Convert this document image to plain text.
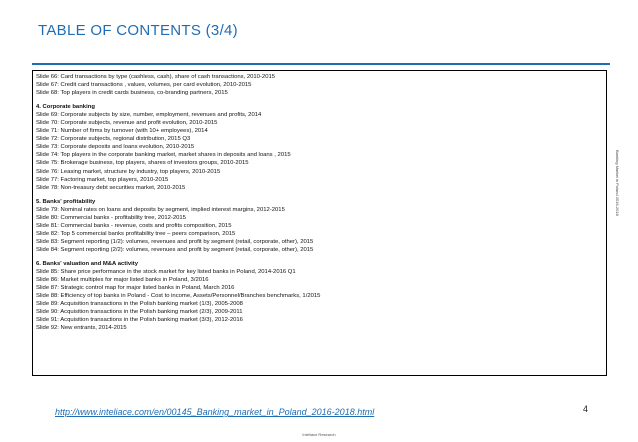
TABLE OF CONTENTS (3/4)
Slide 66: Card transactions by type (cashless, cash), share of cash transactions, 2010-2015
Slide 67: Credit card transactions , values, volumes, per card evolution, 2010-2015
Slide 68: Top players in credit cards business, co-branding partners, 2015
4. Corporate banking
Slide 69: Corporate subjects by size, number, employment, revenues and profits, 2014
Slide 70: Corporate subjects, revenue and profit evolution, 2010-2015
Slide 71: Number of firms by turnover (with 10+ employees), 2014
Slide 72: Corporate subjects, regional distribution, 2015 Q3
Slide 73: Corporate deposits and loans evolution, 2010-2015
Slide 74: Top players in the corporate banking market, market shares in deposits and loans , 2015
Slide 75: Brokerage business, top players, shares of investors groups, 2010-2015
Slide 76: Leasing market, structure by industry, top players, 2010-2015
Slide 77: Factoring market, top players, 2010-2015
Slide 78: Non-treasury debt securities market, 2010-2015
5. Banks' profitability
Slide 79: Nominal rates on loans and deposits by segment, implied interest margins, 2012-2015
Slide 80: Commercial banks - profitability tree, 2012-2015
Slide 81: Commercial banks - revenue, costs and profits composition, 2015
Slide 82: Top 5 commercial banks profitability tree – peers comparison, 2015
Slide 83: Segment reporting (1/2): volumes, revenues and profit by segment (retail, corporate, other), 2015
Slide 84: Segment reporting (2/2): volumes, revenues and profit by segment (retail, corporate, other), 2015
6. Banks' valuation and M&A activity
Slide 85: Share price performance in the stock market for key listed banks in Poland, 2014-2016 Q1
Slide 86: Market multiples for major listed banks in Poland, 3/2016
Slide 87: Strategic control map for major listed banks in Poland, March 2016
Slide 88: Efficiency of top banks in Poland - Cost to income, Assets/Personnel/Branches benchmarks, 1/2015
Slide 89: Acquisition transactions in the Polish banking market (1/3), 2005-2008
Slide 90: Acquisition transactions in the Polish banking market (2/3), 2009-2011
Slide 91: Acquisition transactions in the Polish banking market (3/3), 2012-2016
Slide 92: New entrants, 2014-2015
Banking Market in Poland 2016-2018
http://www.inteliace.com/en/00145_Banking_market_in_Poland_2016-2018.html	4
Inteliace Research
